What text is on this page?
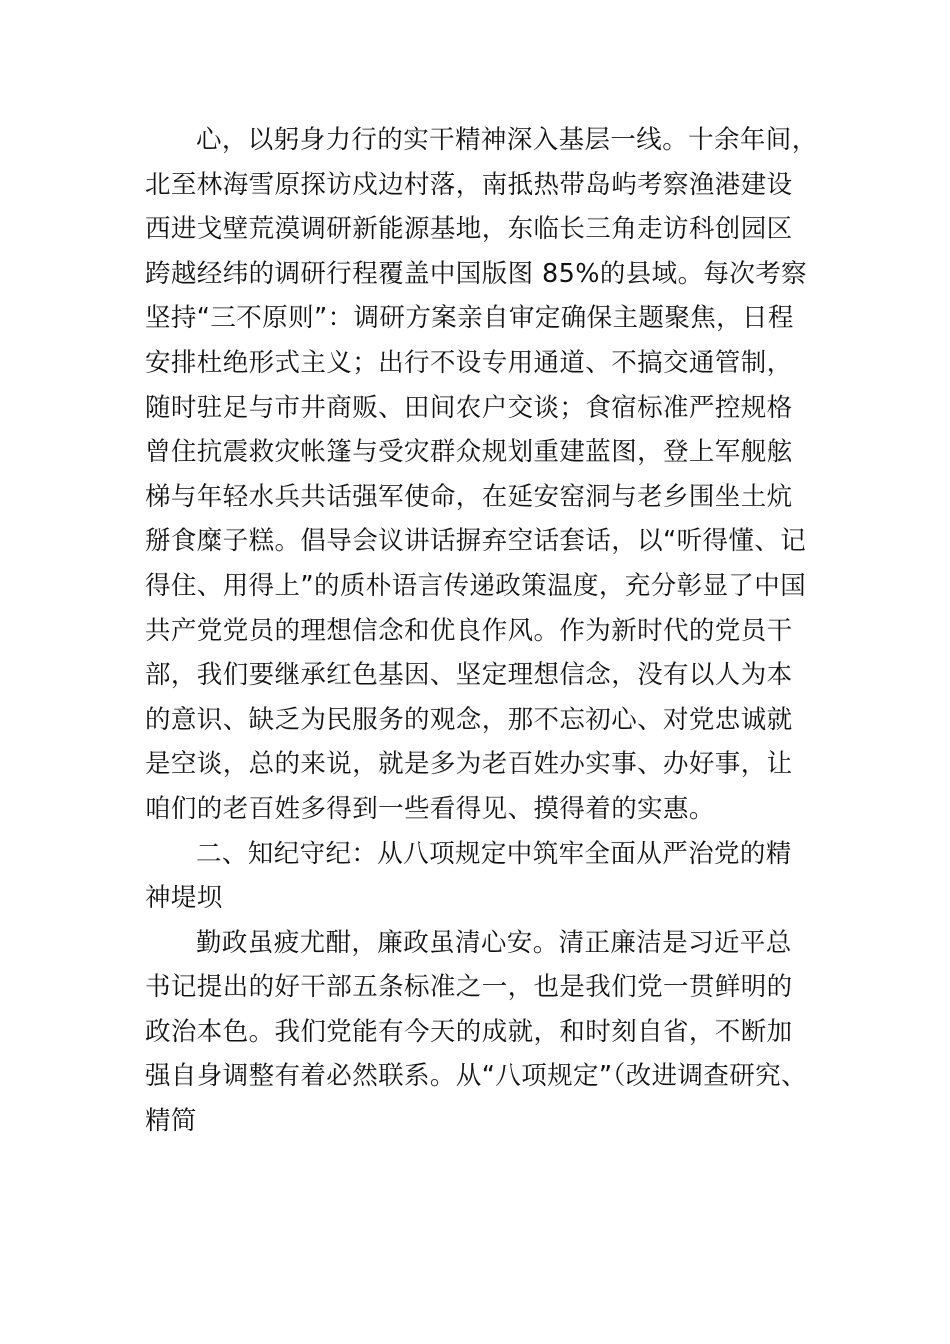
心，以躬身力行的实干精神深入基层一线。十余年间，
北至林海雪原探访戍边村落，南抵热带岛屿考察渔港建设
西进戈壁荒漠调研新能源基地，东临长三角走访科创园区
跨越经纬的调研行程覆盖中国版图 85%的县域。每次考察
坚持“三不原则”：调研方案亲自审定确保主题聚焦，日程
安排杜绝形式主义；出行不设专用通道、不搞交通管制，
随时驻足与市井商贩、田间农户交谈；食宿标准严控规格
曾住抗震救灾帐篷与受灾群众规划重建蓝图，登上军舰舷
梯与年轻水兵共话强军使命，在延安窑洞与老乡围坐土炕
掰食糜子糕。倡导会议讲话摒弃空话套话，以“听得懂、记
得住、用得上”的质朴语言传递政策温度，充分彰显了中国
共产党党员的理想信念和优良作风。作为新时代的党员干
部，我们要继承红色基因、坚定理想信念，没有以人为本
的意识、缺乏为民服务的观念，那不忘初心、对党忠诚就
是空谈，总的来说，就是多为老百姓办实事、办好事，让
咱们的老百姓多得到一些看得见、摸得着的实惠。
二、知纪守纪：从八项规定中筑牢全面从严治党的精
神堤坝
勤政虽疲尤酣，廉政虽清心安。清正廉洁是习近平总
书记提出的好干部五条标准之一，也是我们党一贯鲜明的
政治本色。我们党能有今天的成就，和时刻自省，不断加
强自身调整有着必然联系。从“八项规定”（改进调查研究、
精简
